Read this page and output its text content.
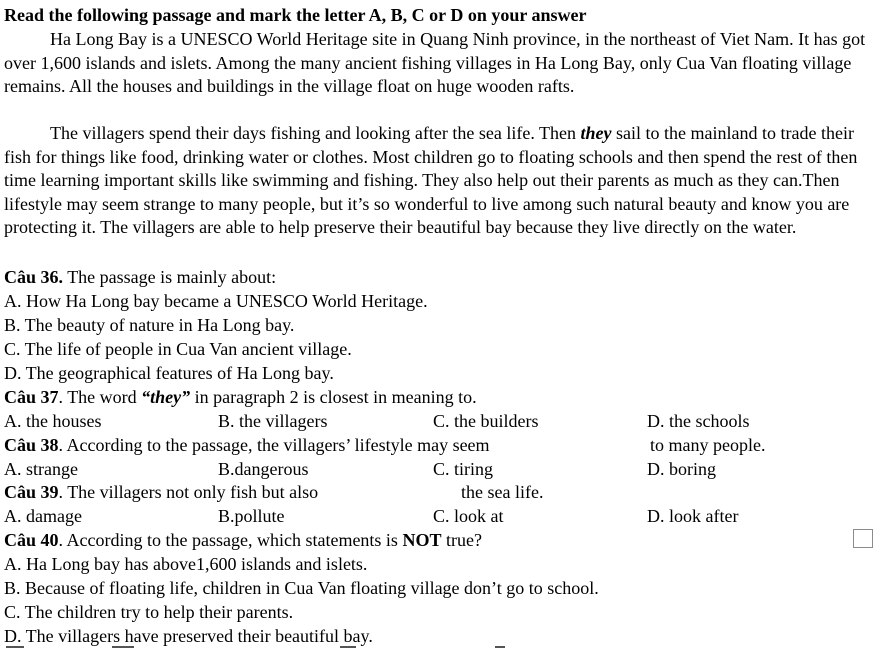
Read the following passage and mark the letter A, B, C or D on your answer
Ha Long Bay is a UNESCO World Heritage site in Quang Ninh province, in the northeast of Viet Nam. It has got over 1,600 islands and islets. Among the many ancient fishing villages in Ha Long Bay, only Cua Van floating village remains. All the houses and buildings in the village float on huge wooden rafts.
The villagers spend their days fishing and looking after the sea life. Then they sail to the mainland to trade their fish for things like food, drinking water or clothes. Most children go to floating schools and then spend the rest of then time learning important skills like swimming and fishing. They also help out their parents as much as they can.Then lifestyle may seem strange to many people, but it’s so wonderful to live among such natural beauty and know you are protecting it. The villagers are able to help preserve their beautiful bay because they live directly on the water.
Câu 36. The passage is mainly about:
A. How Ha Long bay became a UNESCO World Heritage.
B. The beauty of nature in Ha Long bay.
C. The life of people in Cua Van ancient village.
D. The geographical features of Ha Long bay.
Câu 37. The word “they” in paragraph 2 is closest in meaning to.
A. the houses	B. the villagers	C. the builders	D. the schools
Câu 38. According to the passage, the villagers’ lifestyle may seem	to many people.
A. strange	B.dangerous	C. tiring	D. boring
Câu 39. The villagers not only fish but also	the sea life.
A. damage	B.pollute	C. look at	D. look after
Câu 40. According to the passage, which statements is NOT true?
A. Ha Long bay has above1,600 islands and islets.
B. Because of floating life, children in Cua Van floating village don’t go to school.
C. The children try to help their parents.
D. The villagers have preserved their beautiful bay.
